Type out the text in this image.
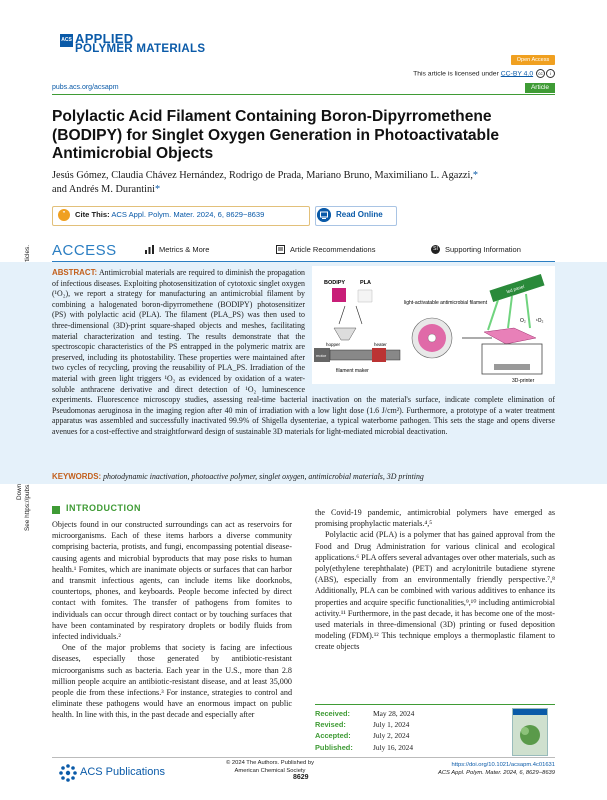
ACS APPLIED
POLYMER MATERIALS
Open Access
This article is licensed under CC-BY 4.0 cc i
pubs.acs.org/acsapm	Article
Polylactic Acid Filament Containing Boron-Dipyrromethene (BODIPY) for Singlet Oxygen Generation in Photoactivatable Antimicrobial Objects
Jesús Gómez, Claudia Chávez Hernández, Rodrigo de Prada, Mariano Bruno, Maximiliano L. Agazzi,*
and Andrés M. Durantini*
”	Cite This: ACS Appl. Polym. Mater. 2024, 6, 8629−8639	Read Online
ACCESS	Metrics & More	Article Recommendations	SI Supporting Information
ABSTRACT: Antimicrobial materials are required to diminish the propagation of infectious diseases. Exploiting photosensitization of cytotoxic singlet oxygen (¹O₂), we report a strategy for manufacturing an antimicrobial filament by combining a halogenated boron-dipyrromethene (BODIPY) photosensitizer (PS) with polylactic acid (PLA). The filament (PLA_PS) was then used to three-dimensional (3D)-print square-shaped objects and meshes, facilitating material characterization and testing. The results demonstrate that the spectroscopic characteristics of the PS entrapped in the polymeric matrix are preserved, including its photostability. These properties were maintained after two cycles of recycling, proving the reusability of PLA_PS. Irradiation of the material with green light triggers ¹O₂ as evidenced by oxidation of a water-soluble anthracene derivative and direct detection of ¹O₂ luminescence experiments. Fluorescence microscopy studies, assessing real-time bacterial inactivation on the material's surface, indicate complete elimination of Pseudomonas aeruginosa in the imaging region after 40 min of irradiation with a low light dose (1.6 J/cm²). Furthermore, a prototype of a water treatment apparatus was assembled and successfully inactivated 99.9% of Shigella dysenteriae, a typical waterborne pathogen. This sets the stage and opens diverse avenues for a cost-effective and straightforward design of sustainable 3D materials for light-mediated microbial deactivation.
KEYWORDS: photodynamic inactivation, photoactive polymer, singlet oxygen, antimicrobial materials, 3D printing
BODIPY	PLA
hopper
motor
heater
filament maker
light-activatable antimicrobial filament
led panel
O₂ ¹O₂
3D-printer
INTRODUCTION

Objects found in our constructed surroundings can act as reservoirs for microorganisms. Each of these items harbors a diverse community comprising bacteria, protists, and fungi, encompassing potential disease-causing agents and microbial byproducts that may pose risks to human health.¹ Fomites, which are inanimate objects or surfaces that can harbor and transmit infectious agents, can include items like doorknobs, countertops, phones, and keyboards. People become infected by direct contact with fomites. The transfer of pathogens from fomites to individuals can occur through direct contact or by touching surfaces that have been contaminated by respiratory droplets or bodily fluids from infected individuals.²

One of the major problems that society is facing are infectious diseases, especially those generated by antibiotic-resistant microorganisms such as bacteria. Each year in the U.S., more than 2.8 million people acquire an antibiotic-resistant disease, and at least 35,000 people die from these infections.³ For instance, strategies to control and eliminate these pathogens would have an enormous impact on public health. In line with this, in the past decade and especially after

the Covid-19 pandemic, antimicrobial polymers have emerged as promising prophylactic materials.⁴,⁵

Polylactic acid (PLA) is a polymer that has gained approval from the Food and Drug Administration for various clinical and ecological applications.⁶ PLA offers several advantages over other materials, such as poly(ethylene terephthalate) (PET) and acrylonitrile butadiene styrene (ABS), especially from an environmentally friendly perspective.⁷,⁸ Additionally, PLA can be combined with various additives to enhance its properties and acquire specific functionalities,⁹,¹⁰ including antimicrobial activity.¹¹ Furthermore, in the past decade, it has become one of the most-used materials in three-dimensional (3D) printing or fused deposition modeling (FDM).¹² This technique employs a thermoplastic filament to create objects

Received:	May 28, 2024
Revised:	July 1, 2024
Accepted:	July 2, 2024
Published:	July 16, 2024
ACS Publications
© 2024 The Authors. Published by
American Chemical Society
8629
https://doi.org/10.1021/acsapm.4c01631
ACS Appl. Polym. Mater. 2024, 6, 8629−8639
